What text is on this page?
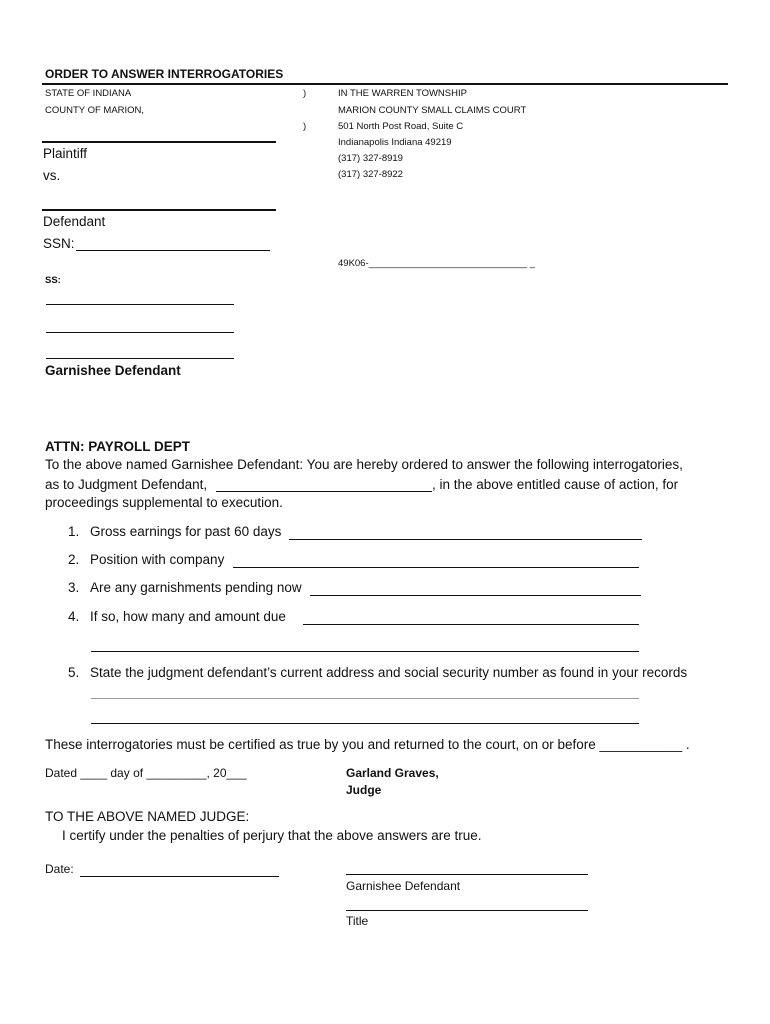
ORDER TO ANSWER INTERROGATORIES
STATE OF INDIANA
COUNTY OF MARION,
)
)
IN THE WARREN TOWNSHIP
MARION COUNTY SMALL CLAIMS COURT
501 North Post Road, Suite C
Indianapolis Indiana 49219
(317) 327-8919
(317) 327-8922
Plaintiff
vs.
Defendant
SSN:
49K06-______________________________ _
SS:
Garnishee Defendant
ATTN: PAYROLL DEPT
To the above named Garnishee Defendant: You are hereby ordered to answer the following interrogatories,
as to Judgment Defendant,	, in the above entitled cause of action, for
proceedings supplemental to execution.
1. Gross earnings for past 60 days
2. Position with company
3. Are any garnishments pending now
4. If so, how many and amount due
5. State the judgment defendant’s current address and social security number as found in your records
These interrogatories must be certified as true by you and returned to the court, on or before ___________ .
Dated ____ day of _________, 20___	Garland Graves,
Judge
TO THE ABOVE NAMED JUDGE:
I certify under the penalties of perjury that the above answers are true.
Date:
Garnishee Defendant
Title
